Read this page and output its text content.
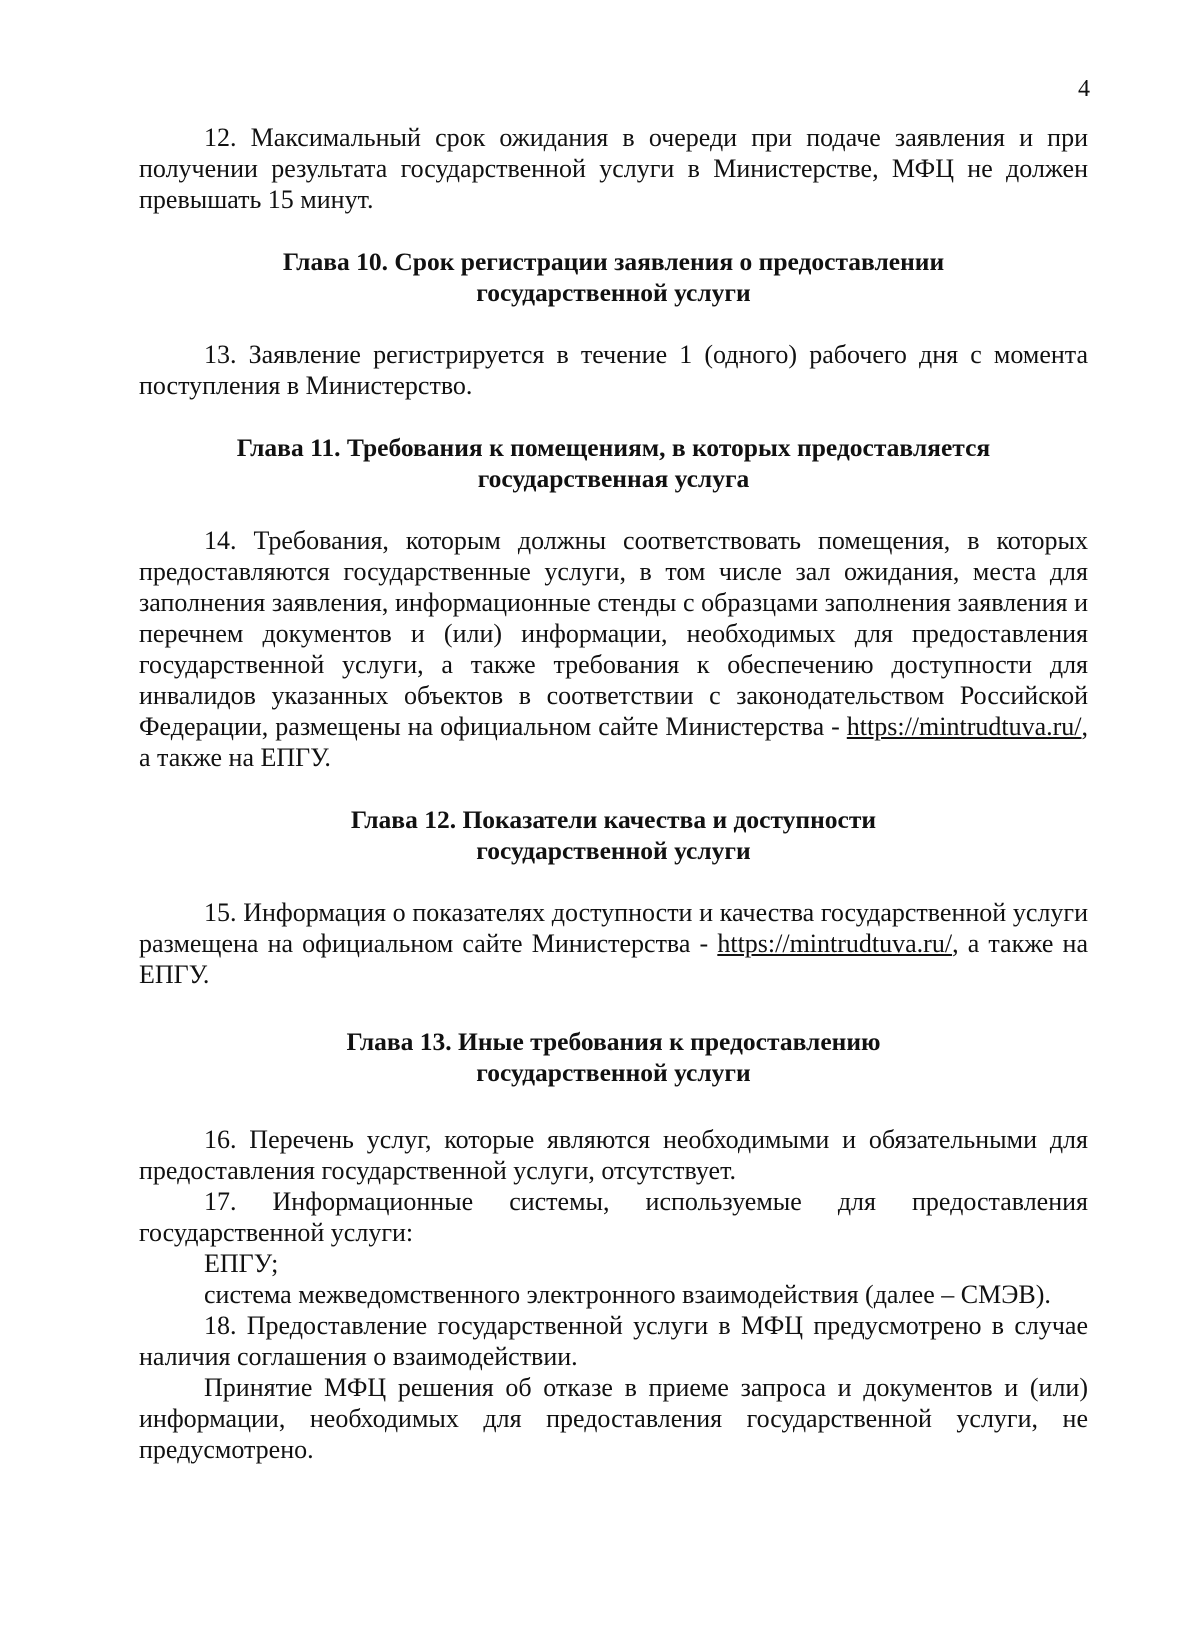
4

12. Максимальный срок ожидания в очереди при подаче заявления и при получении результата государственной услуги в Министерстве, МФЦ не должен превышать 15 минут.

Глава 10. Срок регистрации заявления о предоставлении
государственной услуги

13. Заявление регистрируется в течение 1 (одного) рабочего дня с момента поступления в Министерство.

Глава 11. Требования к помещениям, в которых предоставляется
государственная услуга

14. Требования, которым должны соответствовать помещения, в которых предоставляются государственные услуги, в том числе зал ожидания, места для заполнения заявления, информационные стенды с образцами заполнения заявления и перечнем документов и (или) информации, необходимых для предоставления государственной услуги, а также требования к обеспечению доступности для инвалидов указанных объектов в соответствии с законодательством Российской Федерации, размещены на официальном сайте Министерства - https://mintrudtuva.ru/, а также на ЕПГУ.

Глава 12. Показатели качества и доступности
государственной услуги

15. Информация о показателях доступности и качества государственной услуги размещена на официальном сайте Министерства - https://mintrudtuva.ru/, а также на ЕПГУ.

Глава 13. Иные требования к предоставлению
государственной услуги

16. Перечень услуг, которые являются необходимыми и обязательными для предоставления государственной услуги, отсутствует.

17. Информационные системы, используемые для предоставления государственной услуги:

ЕПГУ;

система межведомственного электронного взаимодействия (далее – СМЭВ).

18. Предоставление государственной услуги в МФЦ предусмотрено в случае наличия соглашения о взаимодействии.

Принятие МФЦ решения об отказе в приеме запроса и документов и (или) информации, необходимых для предоставления государственной услуги, не предусмотрено.
